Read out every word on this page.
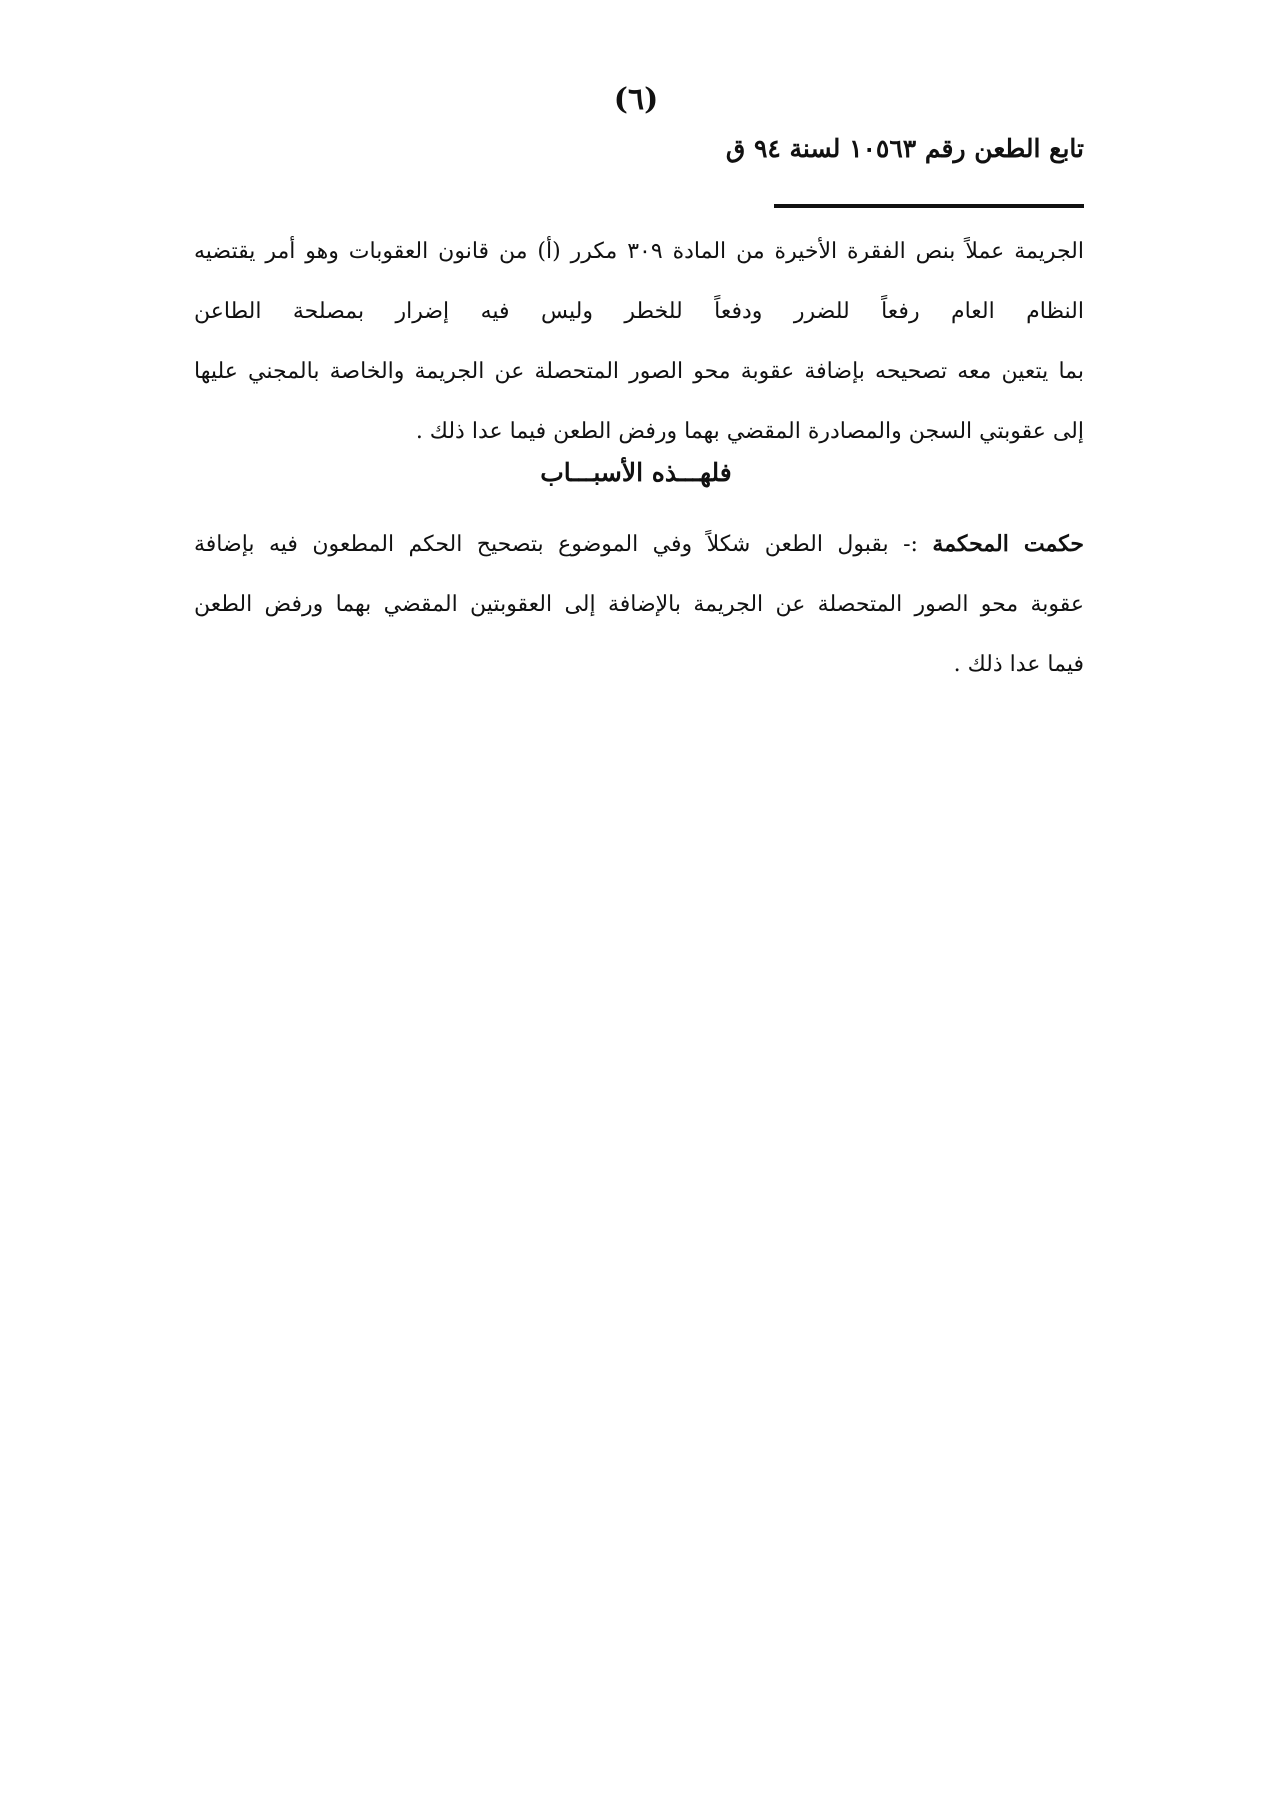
(٦)
تابع الطعن رقم ١٠٥٦٣ لسنة ٩٤ ق
الجريمة عملاً بنص الفقرة الأخيرة من المادة ٣٠٩ مكرر (أ) من قانون العقوبات وهو أمر يقتضيه
النظام العام رفعاً للضرر ودفعاً للخطر وليس فيه إضرار بمصلحة الطاعن
بما يتعين معه تصحيحه بإضافة عقوبة محو الصور المتحصلة عن الجريمة والخاصة بالمجني عليها
إلى عقوبتي السجن والمصادرة المقضي بهما ورفض الطعن فيما عدا ذلك .
فلهـــذه الأسبـــاب
حكمت المحكمة :- بقبول الطعن شكلاً وفي الموضوع بتصحيح الحكم المطعون فيه بإضافة
عقوبة محو الصور المتحصلة عن الجريمة بالإضافة إلى العقوبتين المقضي بهما ورفض الطعن
فيما عدا ذلك .
